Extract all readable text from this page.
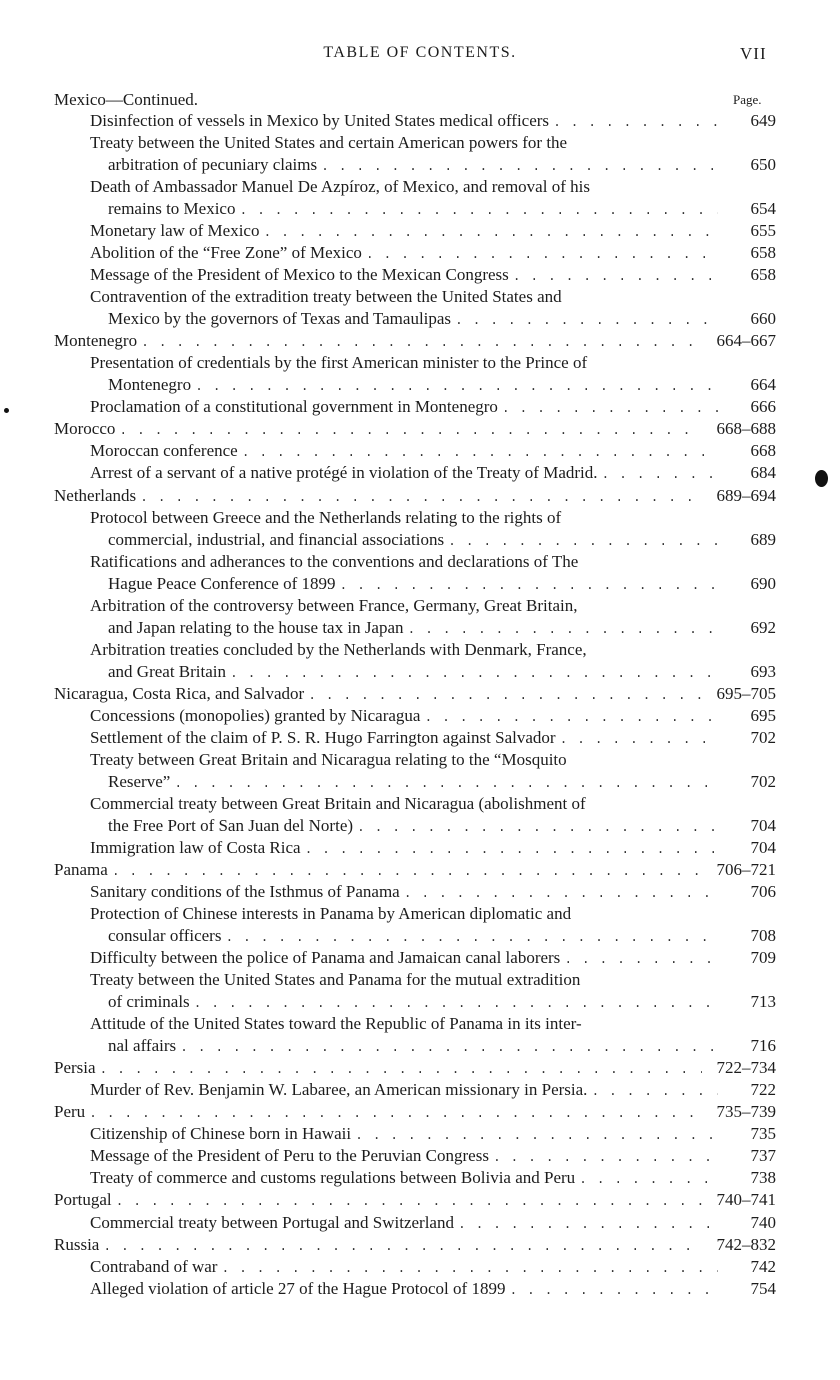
TABLE OF CONTENTS.	VII
Mexico—Continued.	Page.
649
Disinfection of vessels in Mexico by United States medical officers
. . .
Treaty between the United States and certain American powers for the
650
arbitration of pecuniary claims
. . .
Death of Ambassador Manuel De Azpíroz, of Mexico, and removal of his
654
remains to Mexico
. . .
655
Monetary law of Mexico
. . .
658
Abolition of the “Free Zone” of Mexico
. . .
658
Message of the President of Mexico to the Mexican Congress
. . .
Contravention of the extradition treaty between the United States and
660
Mexico by the governors of Texas and Tamaulipas
. . .
664–667
Montenegro
. . .
Presentation of credentials by the first American minister to the Prince of
664
Montenegro
. . .
666
Proclamation of a constitutional government in Montenegro
. . .
668–688
Morocco
. . .
668
Moroccan conference
. . .
684
Arrest of a servant of a native protégé in violation of the Treaty of Madrid.
. . .
689–694
Netherlands
. . .
Protocol between Greece and the Netherlands relating to the rights of
689
commercial, industrial, and financial associations
. . .
Ratifications and adherances to the conventions and declarations of The
690
Hague Peace Conference of 1899
. . .
Arbitration of the controversy between France, Germany, Great Britain,
692
and Japan relating to the house tax in Japan
. . .
Arbitration treaties concluded by the Netherlands with Denmark, France,
693
and Great Britain
. . .
695–705
Nicaragua, Costa Rica, and Salvador
. . .
695
Concessions (monopolies) granted by Nicaragua
. . .
702
Settlement of the claim of P. S. R. Hugo Farrington against Salvador
. . .
Treaty between Great Britain and Nicaragua relating to the “Mosquito
702
Reserve”
. . .
Commercial treaty between Great Britain and Nicaragua (abolishment of
704
the Free Port of San Juan del Norte)
. . .
704
Immigration law of Costa Rica
. . .
706–721
Panama
. . .
706
Sanitary conditions of the Isthmus of Panama
. . .
Protection of Chinese interests in Panama by American diplomatic and
708
consular officers
. . .
709
Difficulty between the police of Panama and Jamaican canal laborers
. . .
Treaty between the United States and Panama for the mutual extradition
713
of criminals
. . .
Attitude of the United States toward the Republic of Panama in its inter-
716
nal affairs
. . .
722–734
Persia
. . .
722
Murder of Rev. Benjamin W. Labaree, an American missionary in Persia.
. . .
735–739
Peru
. . .
735
Citizenship of Chinese born in Hawaii
. . .
737
Message of the President of Peru to the Peruvian Congress
. . .
738
Treaty of commerce and customs regulations between Bolivia and Peru
. . .
740–741
Portugal
. . .
740
Commercial treaty between Portugal and Switzerland
. . .
742–832
Russia
. . .
742
Contraband of war
. . .
754
Alleged violation of article 27 of the Hague Protocol of 1899
. . .
